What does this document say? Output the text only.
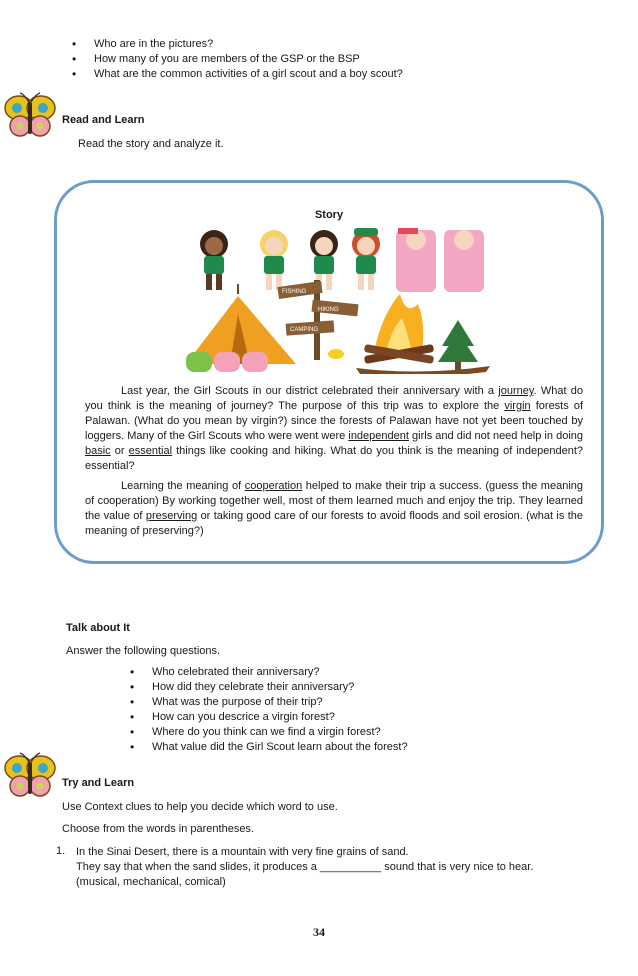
• Who are in the pictures?
• How many of you are members of the GSP or the BSP
• What are the common activities of a girl scout and a boy scout?
Read and Learn
Read the story and analyze it.
Story
FISHING
HIKING
CAMPING

Last year, the Girl Scouts in our district celebrated their anniversary with a journey. What do you think is the meaning of journey? The purpose of this trip was to explore the virgin forests of Palawan. (What do you mean by virgin?) since the forests of Palawan have not yet been touched by loggers. Many of the Girl Scouts who were went were independent girls and did not need help in doing basic or essential things like cooking and hiking. What do you think is the meaning of independent? essential?

Learning the meaning of cooperation helped to make their trip a success. (guess the meaning of cooperation) By working together well, most of them learned much and enjoy the trip. They learned the value of preserving or taking good care of our forests to avoid floods and soil erosion. (what is the meaning of preserving?)

Talk about It
Answer the following questions.
• Who celebrated their anniversary?
• How did they celebrate their anniversary?
• What was the purpose of their trip?
• How can you descrice a virgin forest?
• Where do you think can we find a virgin forest?
• What value did the Girl Scout learn about the forest?
Try and Learn
Use Context clues to help you decide which word to use.
Choose from the words in parentheses.
1. In the Sinai Desert, there is a mountain with very fine grains of sand.
They say that when the sand slides, it produces a __________ sound that is very nice to hear.
(musical, mechanical, comical)
34
